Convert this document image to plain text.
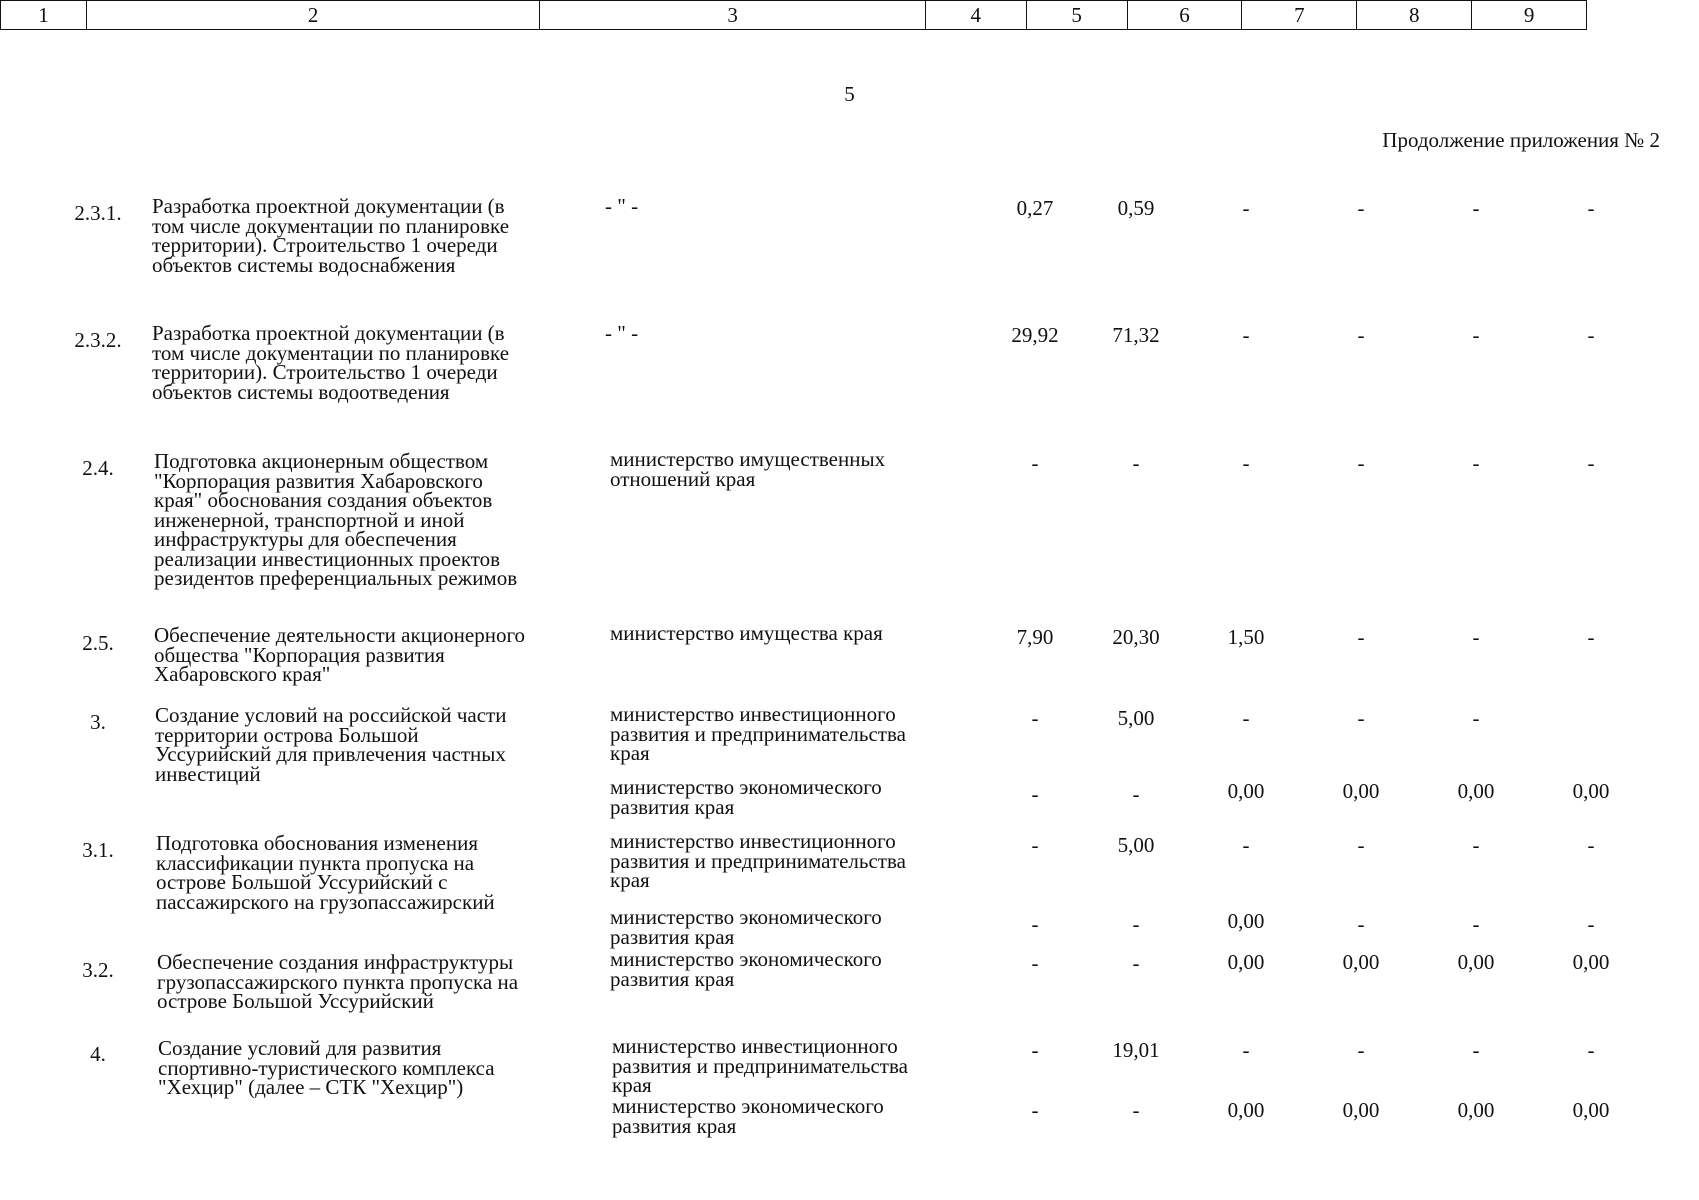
5
Продолжение приложения № 2
1	2	3	4	5	6	7	8	9
2.3.1.	Разработка проектной документации (в
том числе документации по планировке
территории). Строительство 1 очереди
объектов системы водоснабжения
- " -	0,27	0,59	-	-	-	-
2.3.2.	Разработка проектной документации (в
том числе документации по планировке
территории). Строительство 1 очереди
объектов системы водоотведения
- " -	29,92	71,32	-	-	-	-
2.4.	Подготовка акционерным обществом
"Корпорация развития Хабаровского
края" обоснования создания объектов
инженерной, транспортной и иной
инфраструктуры для обеспечения
реализации инвестиционных проектов
резидентов преференциальных режимов
министерство имущественных
отношений края
-	-	-	-	-	-
2.5.	Обеспечение деятельности акционерного
общества "Корпорация развития
Хабаровского края"
министерство имущества края	7,90	20,30	1,50	-	-	-
3.	Создание условий на российской части
территории острова Большой
Уссурийский для привлечения частных
инвестиций
министерство инвестиционного
развития и предпринимательства
края
-	5,00	-	-	-
министерство экономического
развития края
-	-	0,00	0,00	0,00	0,00
3.1.	Подготовка обоснования изменения
классификации пункта пропуска на
острове Большой Уссурийский с
пассажирского на грузопассажирский
министерство инвестиционного
развития и предпринимательства
края
-	5,00	-	-	-	-
министерство экономического
развития края
-	-	0,00	-	-	-
3.2.	Обеспечение создания инфраструктуры
грузопассажирского пункта пропуска на
острове Большой Уссурийский
министерство экономического
развития края
-	-	0,00	0,00	0,00	0,00
4.	Создание условий для развития
спортивно-туристического комплекса
"Хехцир" (далее – СТК "Хехцир")
министерство инвестиционного
развития и предпринимательства
края
-	19,01	-	-	-	-
министерство экономического
развития края
-	-	0,00	0,00	0,00	0,00
